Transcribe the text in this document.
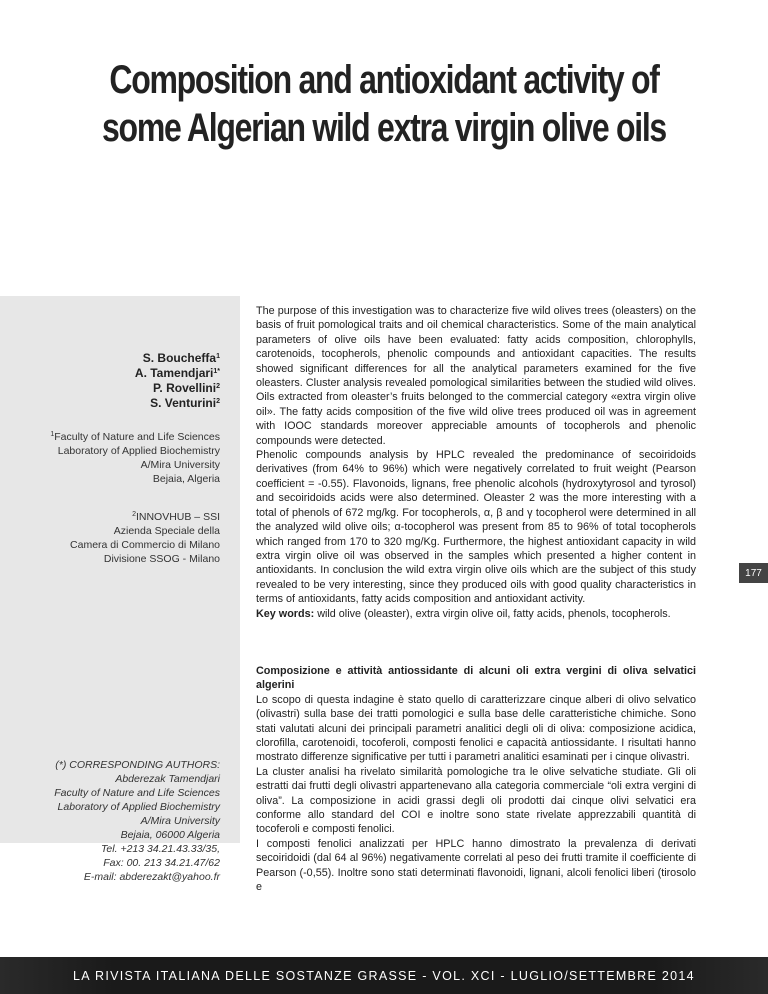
Composition and antioxidant activity of some Algerian wild extra virgin olive oils
S. Boucheffa$^1$
A. Tamendjari$^{1*}$
P. Rovellini$^2$
S. Venturini$^2$
$^1$Faculty of Nature and Life Sciences
Laboratory of Applied Biochemistry
A/Mira University
Bejaia, Algeria
$^2$INNOVHUB – SSI
Azienda Speciale della
Camera di Commercio di Milano
Divisione SSOG - Milano
(*) CORRESPONDING AUTHORS:
Abderezak Tamendjari
Faculty of Nature and Life Sciences
Laboratory of Applied Biochemistry
A/Mira University
Bejaia, 06000 Algeria
Tel. +213 34.21.43.33/35,
Fax: 00. 213 34.21.47/62
E-mail: abderezakt@yahoo.fr

The purpose of this investigation was to characterize five wild olives trees (oleasters) on the basis of fruit pomological traits and oil chemical characteristics. Some of the main analytical parameters of olive oils have been evaluated: fatty acids composition, chlorophylls, carotenoids, tocopherols, phenolic compounds and antioxidant capacities. The results showed significant differences for all the analytical parameters examined for the five oleasters. Cluster analysis revealed pomological similarities between the studied wild olives. Oils extracted from oleaster’s fruits belonged to the commercial category «extra virgin olive oil». The fatty acids composition of the five wild olive trees produced oil was in agreement with IOOC standards moreover appreciable amounts of tocopherols and phenolic compounds were detected.

Phenolic compounds analysis by HPLC revealed the predominance of secoiridoids derivatives (from 64% to 96%) which were negatively correlated to fruit weight (Pearson coefficient = -0.55). Flavonoids, lignans, free phenolic alcohols (hydroxytyrosol and tyrosol) and secoiridoids acids were also determined. Oleaster 2 was the more interesting with a total of phenols of 672 mg/kg. For tocopherols, α, β and γ tocopherol were determined in all the analyzed wild olive oils; α-tocopherol was present from 85 to 96% of total tocopherols which ranged from 170 to 320 mg/Kg. Furthermore, the highest antioxidant capacity in wild extra virgin olive oil was observed in the samples which presented a higher content in antioxidants. In conclusion the wild extra virgin olive oils which are the subject of this study revealed to be very interesting, since they produced oils with good quality characteristics in terms of antioxidants, fatty acids composition and antioxidant activity.

Key words: wild olive (oleaster), extra virgin olive oil, fatty acids, phenols, tocopherols.

Composizione e attività antiossidante di alcuni oli extra vergini di oliva selvatici algerini

Lo scopo di questa indagine è stato quello di caratterizzare cinque alberi di olivo selvatico (olivastri) sulla base dei tratti pomologici e sulla base delle caratteristiche chimiche. Sono stati valutati alcuni dei principali parametri analitici degli oli di oliva: composizione acidica, clorofilla, carotenoidi, tocoferoli, composti fenolici e capacità antiossidante. I risultati hanno mostrato differenze significative per tutti i parametri analitici esaminati per i cinque olivastri.

La cluster analisi ha rivelato similarità pomologiche tra le olive selvatiche studiate. Gli oli estratti dai frutti degli olivastri appartenevano alla categoria commerciale “oli extra vergini di oliva”. La composizione in acidi grassi degli oli prodotti dai cinque olivi selvatici era conforme allo standard del COI e inoltre sono state rivelate apprezzabili quantità di tocoferoli e composti fenolici.

I composti fenolici analizzati per HPLC hanno dimostrato la prevalenza di derivati secoiridoidi (dal 64 al 96%) negativamente correlati al peso dei frutti tramite il coefficiente di Pearson (-0,55). Inoltre sono stati determinati flavonoidi, lignani, alcoli fenolici liberi (tirosolo e

177
LA RIVISTA ITALIANA DELLE SOSTANZE GRASSE - VOL. XCI - LUGLIO/SETTEMBRE 2014
